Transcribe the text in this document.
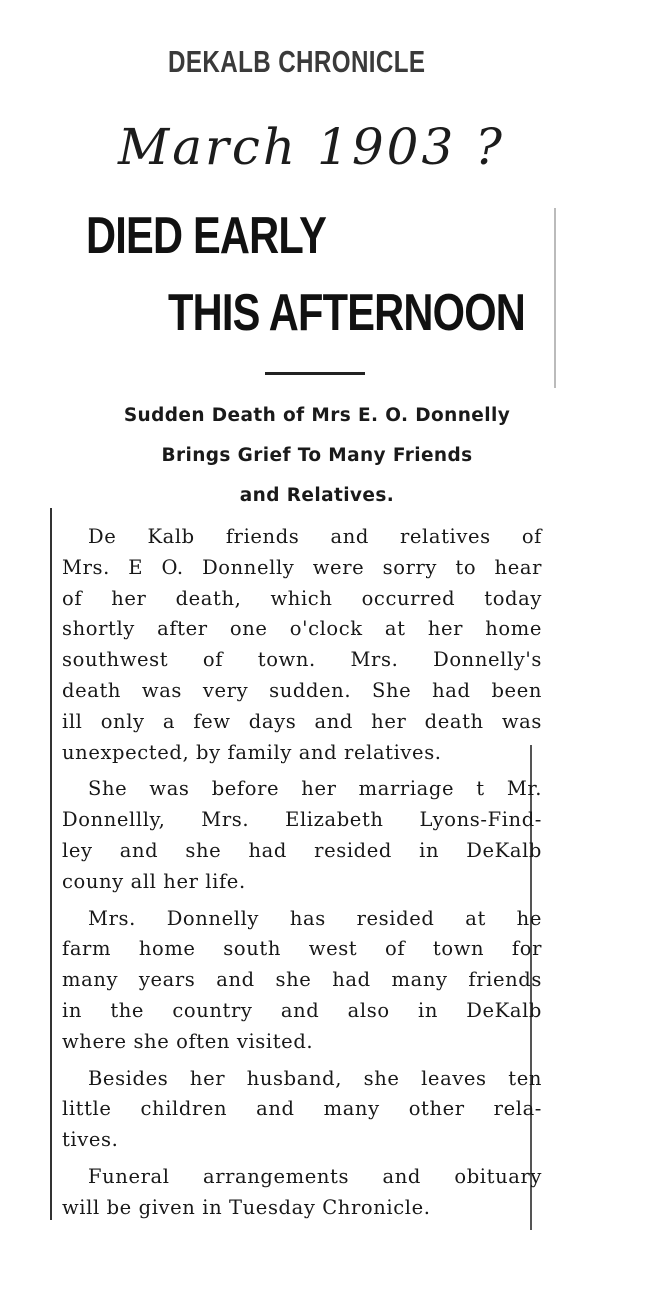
DEKALB CHRONICLE
March 1903 ?
DIED EARLY
THIS AFTERNOON

Sudden Death of Mrs E. O. Donnelly
Brings Grief To Many Friends
and Relatives.

De Kalb friends and relatives of
Mrs. E O. Donnelly were sorry to hear
of her death, which occurred today
shortly after one o'clock at her home
southwest of town. Mrs. Donnelly's
death was very sudden. She had been
ill only a few days and her death was
unexpected, by family and relatives.

She was before her marriage t Mr.
Donnellly, Mrs. Elizabeth Lyons-Find-
ley and she had resided in DeKalb
couny all her life.

Mrs. Donnelly has resided at he
farm home south west of town for
many years and she had many friends
in the country and also in DeKalb
where she often visited.

Besides her husband, she leaves ten
little children and many other rela-
tives.

Funeral arrangements and obituary
will be given in Tuesday Chronicle.
